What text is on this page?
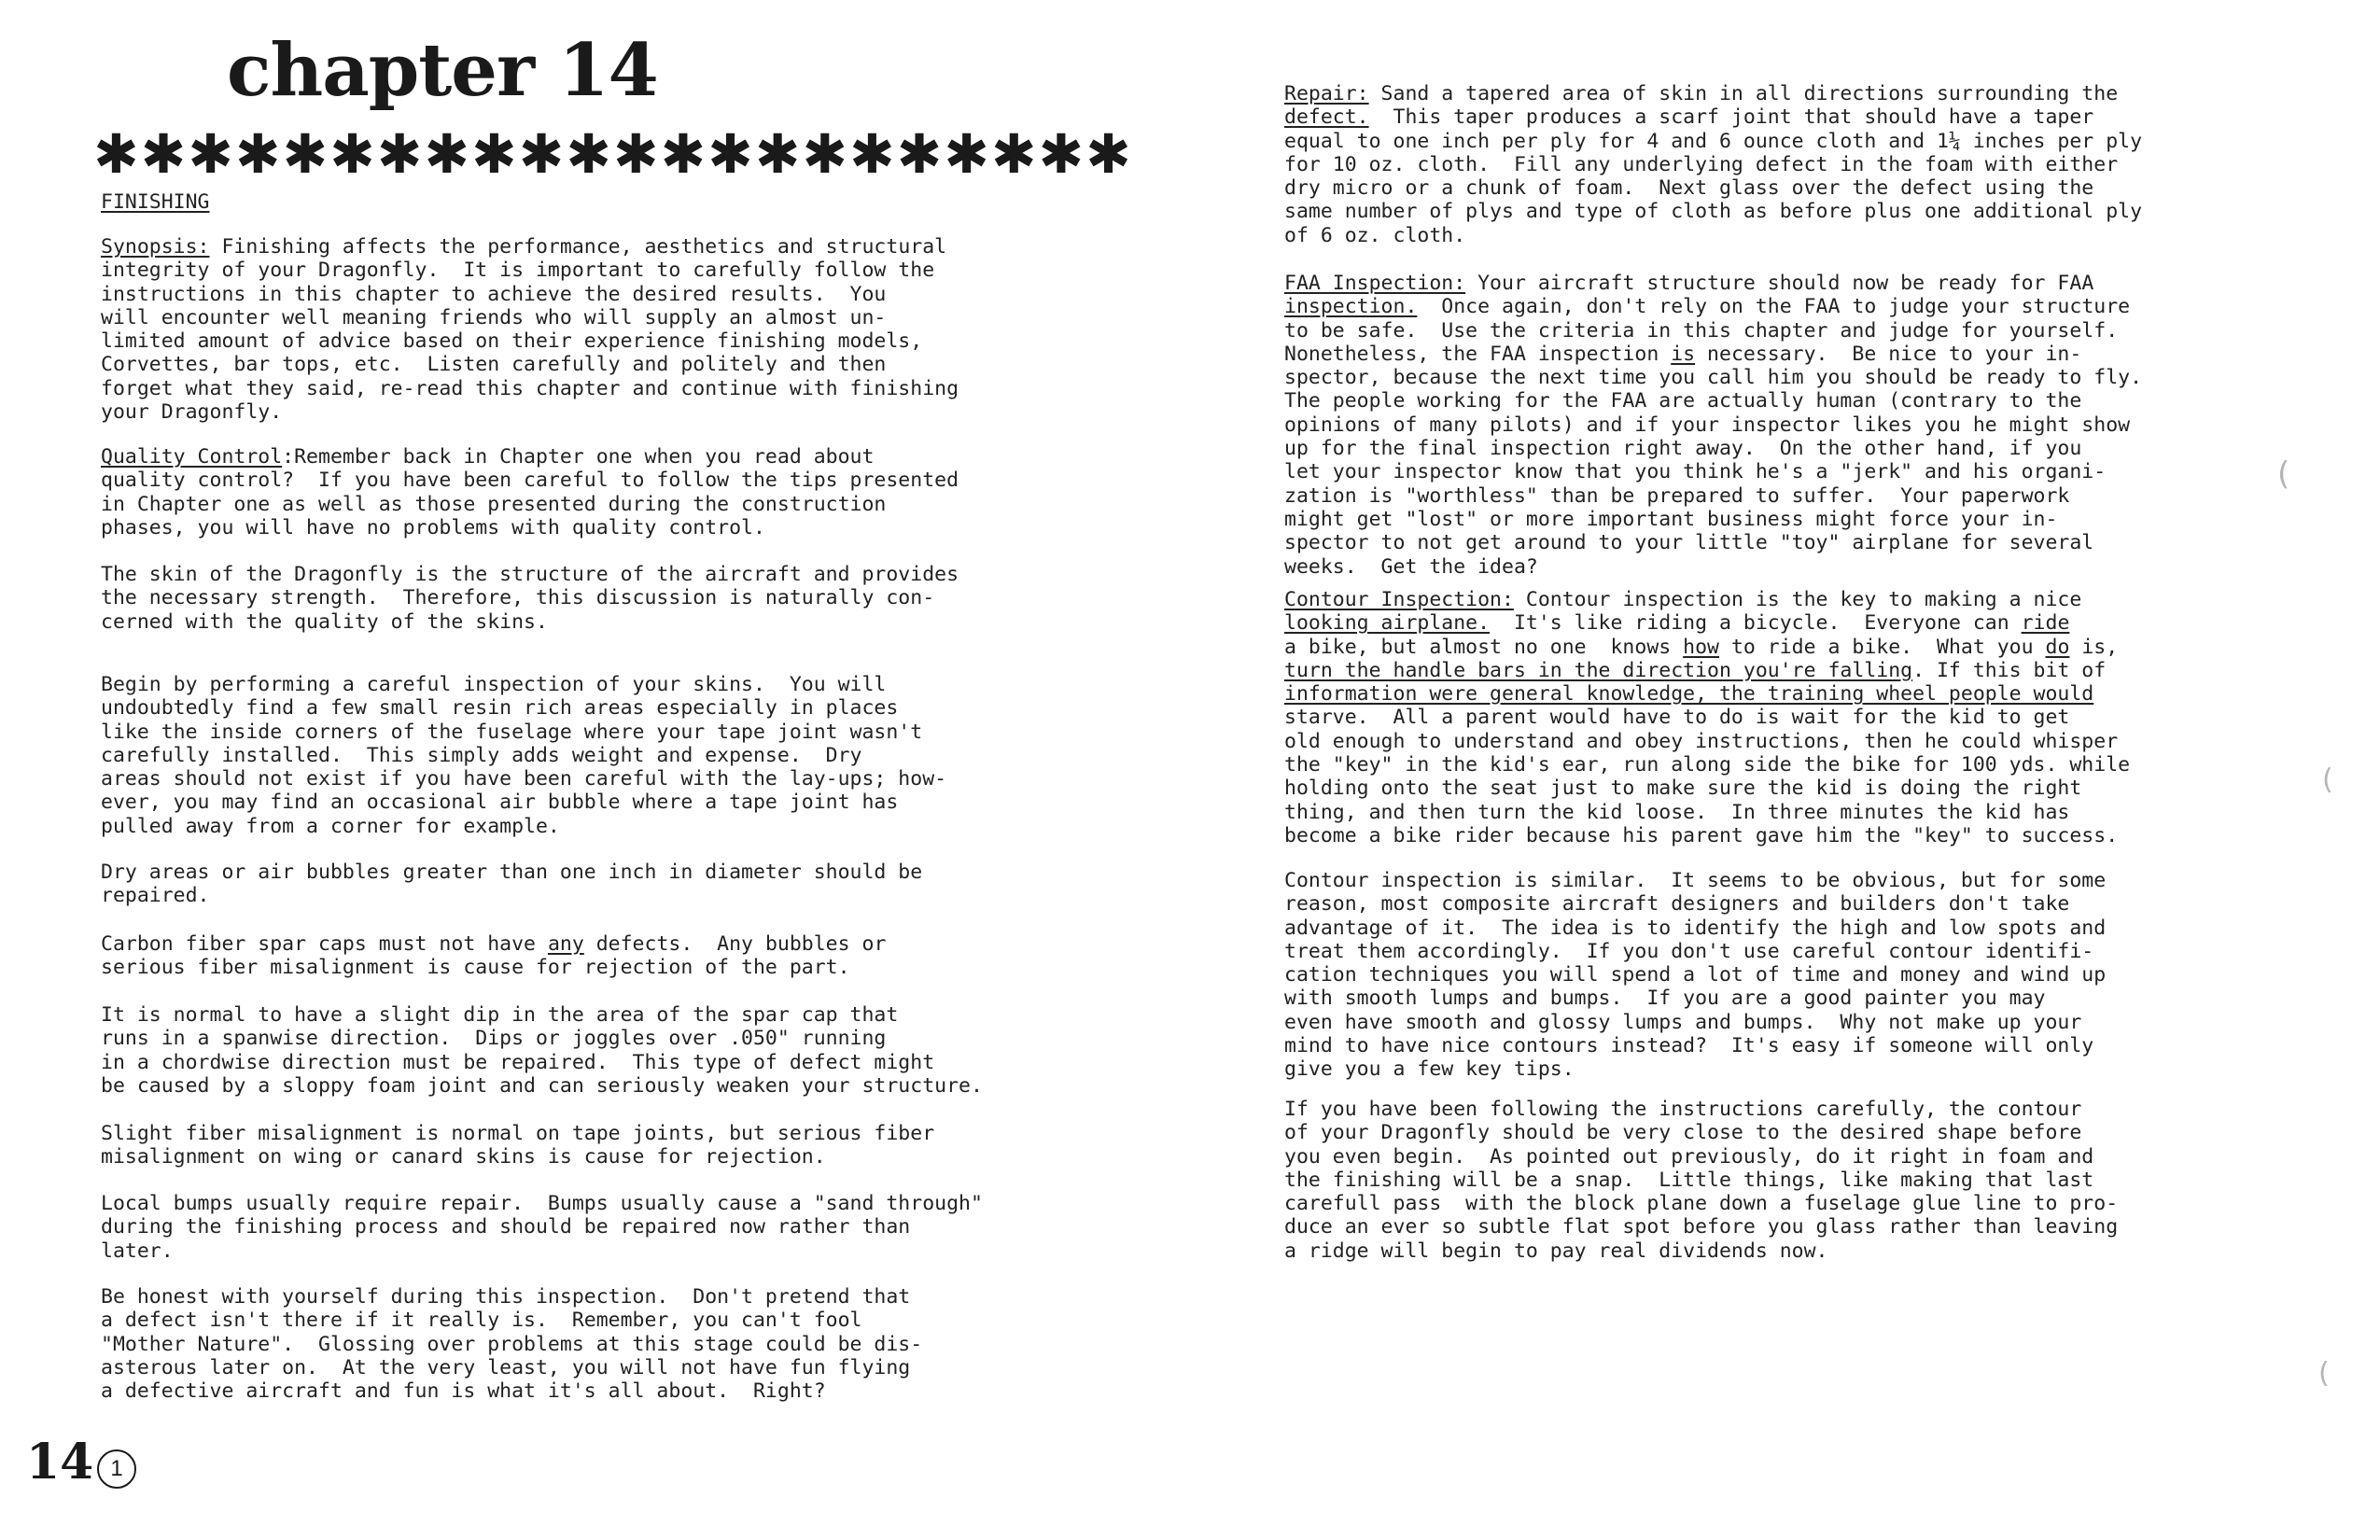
chapter 14
✱ ✱ ✱ ✱ ✱ ✱ ✱ ✱ ✱ ✱ ✱ ✱ ✱ ✱ ✱ ✱ ✱ ✱ ✱ ✱ ✱ ✱
FINISHING
Synopsis: Finishing affects the performance, aesthetics and structural
integrity of your Dragonfly.  It is important to carefully follow the
instructions in this chapter to achieve the desired results.  You
will encounter well meaning friends who will supply an almost un-
limited amount of advice based on their experience finishing models,
Corvettes, bar tops, etc.  Listen carefully and politely and then
forget what they said, re-read this chapter and continue with finishing
your Dragonfly.
Quality Control:Remember back in Chapter one when you read about
quality control?  If you have been careful to follow the tips presented
in Chapter one as well as those presented during the construction
phases, you will have no problems with quality control.
The skin of the Dragonfly is the structure of the aircraft and provides
the necessary strength.  Therefore, this discussion is naturally con-
cerned with the quality of the skins.
Begin by performing a careful inspection of your skins.  You will
undoubtedly find a few small resin rich areas especially in places
like the inside corners of the fuselage where your tape joint wasn't
carefully installed.  This simply adds weight and expense.  Dry
areas should not exist if you have been careful with the lay-ups; how-
ever, you may find an occasional air bubble where a tape joint has
pulled away from a corner for example.
Dry areas or air bubbles greater than one inch in diameter should be
repaired.
Carbon fiber spar caps must not have any defects.  Any bubbles or
serious fiber misalignment is cause for rejection of the part.
It is normal to have a slight dip in the area of the spar cap that
runs in a spanwise direction.  Dips or joggles over .050" running
in a chordwise direction must be repaired.  This type of defect might
be caused by a sloppy foam joint and can seriously weaken your structure.
Slight fiber misalignment is normal on tape joints, but serious fiber
misalignment on wing or canard skins is cause for rejection.
Local bumps usually require repair.  Bumps usually cause a "sand through"
during the finishing process and should be repaired now rather than
later.
Be honest with yourself during this inspection.  Don't pretend that
a defect isn't there if it really is.  Remember, you can't fool
"Mother Nature".  Glossing over problems at this stage could be dis-
asterous later on.  At the very least, you will not have fun flying
a defective aircraft and fun is what it's all about.  Right?
Repair: Sand a tapered area of skin in all directions surrounding the
defect.  This taper produces a scarf joint that should have a taper
equal to one inch per ply for 4 and 6 ounce cloth and 1¼ inches per ply
for 10 oz. cloth.  Fill any underlying defect in the foam with either
dry micro or a chunk of foam.  Next glass over the defect using the
same number of plys and type of cloth as before plus one additional ply
of 6 oz. cloth.
FAA Inspection: Your aircraft structure should now be ready for FAA
inspection.  Once again, don't rely on the FAA to judge your structure
to be safe.  Use the criteria in this chapter and judge for yourself.
Nonetheless, the FAA inspection is necessary.  Be nice to your in-
spector, because the next time you call him you should be ready to fly.
The people working for the FAA are actually human (contrary to the
opinions of many pilots) and if your inspector likes you he might show
up for the final inspection right away.  On the other hand, if you
let your inspector know that you think he's a "jerk" and his organi-
zation is "worthless" than be prepared to suffer.  Your paperwork
might get "lost" or more important business might force your in-
spector to not get around to your little "toy" airplane for several
weeks.  Get the idea?
Contour Inspection: Contour inspection is the key to making a nice
looking airplane.  It's like riding a bicycle.  Everyone can ride
a bike, but almost no one  knows how to ride a bike.  What you do is,
turn the handle bars in the direction you're falling. If this bit of
information were general knowledge, the training wheel people would
starve.  All a parent would have to do is wait for the kid to get
old enough to understand and obey instructions, then he could whisper
the "key" in the kid's ear, run along side the bike for 100 yds. while
holding onto the seat just to make sure the kid is doing the right
thing, and then turn the kid loose.  In three minutes the kid has
become a bike rider because his parent gave him the "key" to success.
Contour inspection is similar.  It seems to be obvious, but for some
reason, most composite aircraft designers and builders don't take
advantage of it.  The idea is to identify the high and low spots and
treat them accordingly.  If you don't use careful contour identifi-
cation techniques you will spend a lot of time and money and wind up
with smooth lumps and bumps.  If you are a good painter you may
even have smooth and glossy lumps and bumps.  Why not make up your
mind to have nice contours instead?  It's easy if someone will only
give you a few key tips.
If you have been following the instructions carefully, the contour
of your Dragonfly should be very close to the desired shape before
you even begin.  As pointed out previously, do it right in foam and
the finishing will be a snap.  Little things, like making that last
carefull pass  with the block plane down a fuselage glue line to pro-
duce an ever so subtle flat spot before you glass rather than leaving
a ridge will begin to pay real dividends now.
14 1
(
(
(
